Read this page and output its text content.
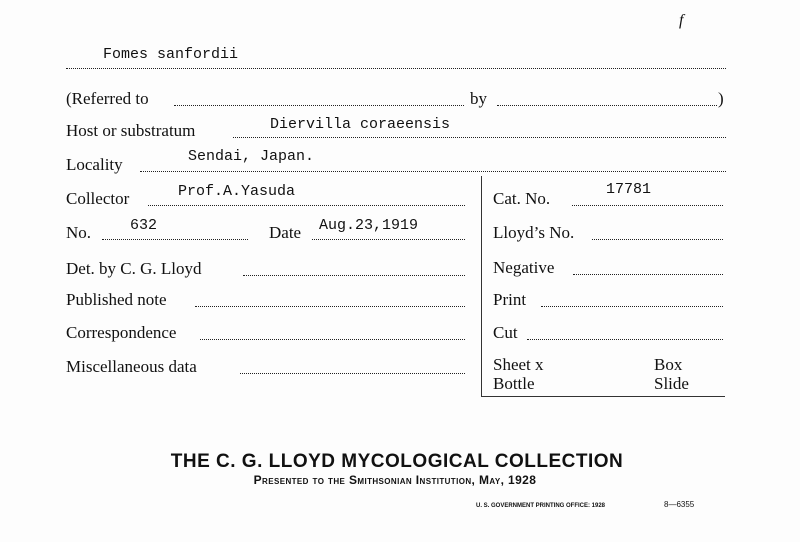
f
Fomes sanfordii
(Referred to	by	)
Host or substratum	Diervilla coraeensis
Locality	Sendai, Japan.
Collector	Prof.A.Yasuda
No.	632	Date Aug.23,1919
Det. by C. G. Lloyd
Published note
Correspondence
Miscellaneous data
Cat. No.	17781
Lloyd’s No.
Negative
Print
Cut
Sheet x	Box
Bottle	Slide
THE C. G. LLOYD MYCOLOGICAL COLLECTION
Presented to the Smithsonian Institution, May, 1928
U. S. GOVERNMENT PRINTING OFFICE: 1928	8—6355
